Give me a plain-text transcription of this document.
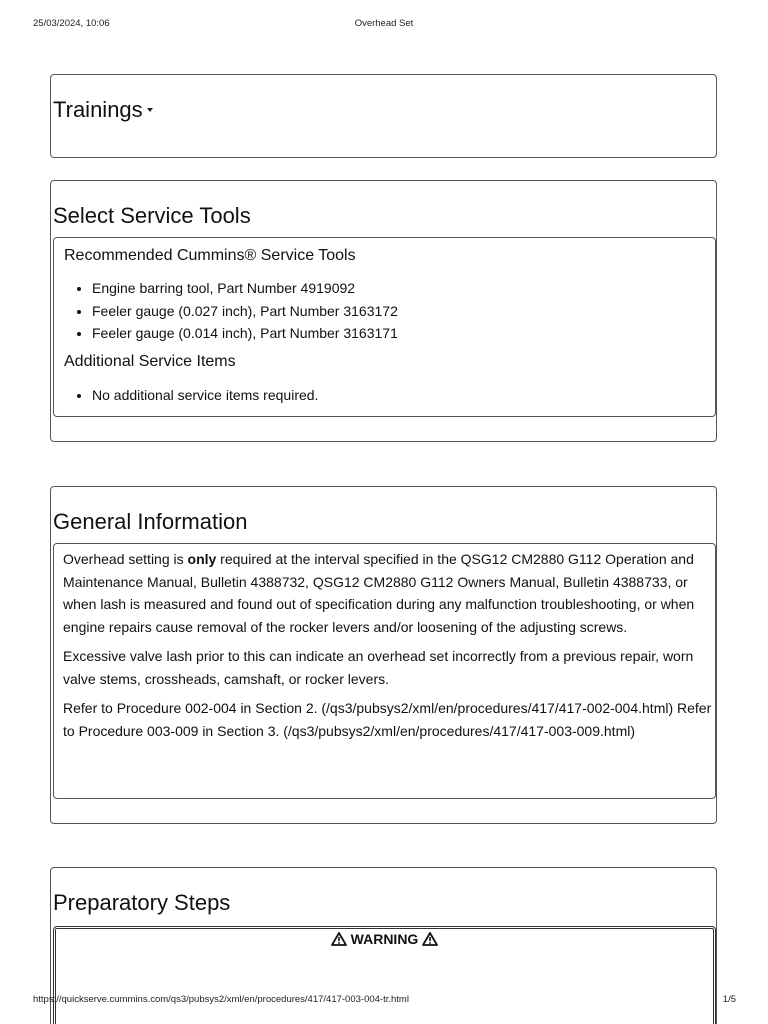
25/03/2024, 10:06	Overhead Set
Trainings
Select Service Tools
Recommended Cummins® Service Tools
• Engine barring tool, Part Number 4919092
• Feeler gauge (0.027 inch), Part Number 3163172
• Feeler gauge (0.014 inch), Part Number 3163171
Additional Service Items
• No additional service items required.
General Information

Overhead setting is only required at the interval specified in the QSG12 CM2880 G112 Operation and Maintenance Manual, Bulletin 4388732, QSG12 CM2880 G112 Owners Manual, Bulletin 4388733, or when lash is measured and found out of specification during any malfunction troubleshooting, or when engine repairs cause removal of the rocker levers and/or loosening of the adjusting screws.

Excessive valve lash prior to this can indicate an overhead set incorrectly from a previous repair, worn valve stems, crossheads, camshaft, or rocker levers.

Refer to Procedure 002-004 in Section 2. (/qs3/pubsys2/xml/en/procedures/417/417-002-004.html) Refer to Procedure 003-009 in Section 3. (/qs3/pubsys2/xml/en/procedures/417/417-003-009.html)

Preparatory Steps
WARNING
https://quickserve.cummins.com/qs3/pubsys2/xml/en/procedures/417/417-003-004-tr.html	1/5
